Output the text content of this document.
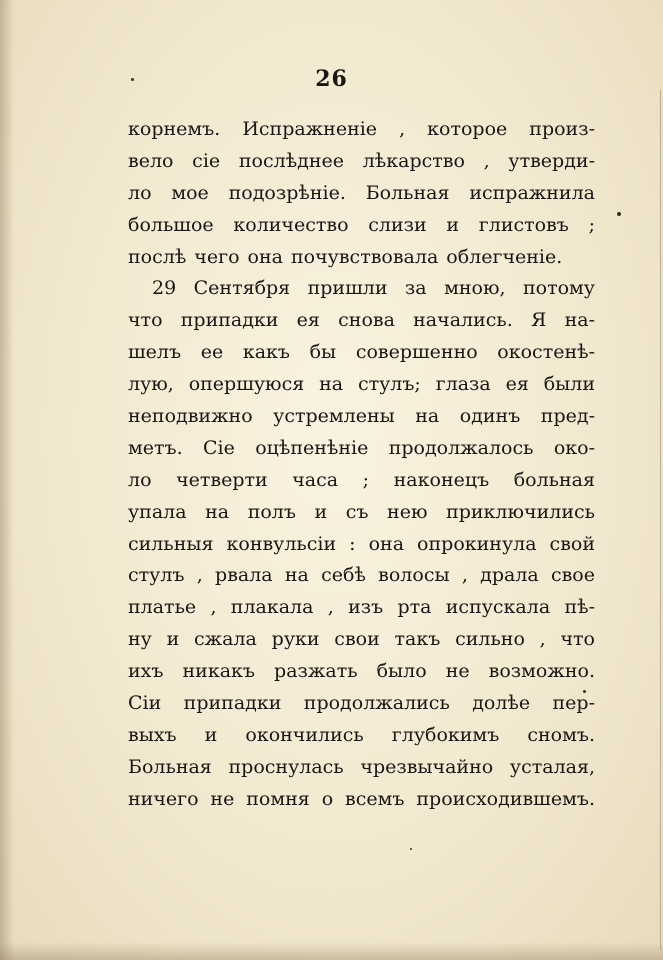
26
корнемъ. Испражненіе , которое произ-
вело сіе послѣднее лѣкарство , утверди-
ло мое подозрѣніе. Больная испражнила
большое количество слизи и глистовъ ;
послѣ чего она почувствовала облегченіе.
29 Сентября пришли за мною, потому
что припадки ея снова начались. Я на-
шелъ ее какъ бы совершенно окостенѣ-
лую, опершуюся на стулъ; глаза ея были
неподвижно устремлены на одинъ пред-
метъ. Сіе оцѣпенѣніе продолжалось око-
ло четверти часа ; наконецъ больная
упала на полъ и съ нею приключились
сильныя конвульсіи : она опрокинула свой
стулъ , рвала на себѣ волосы , драла свое
платье , плакала , изъ рта испускала пѣ-
ну и сжала руки свои такъ сильно , что
ихъ никакъ разжать было не возможно.
Сіи припадки продолжались долѣе пер-
выхъ и окончились глубокимъ сномъ.
Больная проснулась чрезвычайно усталая,
ничего не помня о всемъ происходившемъ.
